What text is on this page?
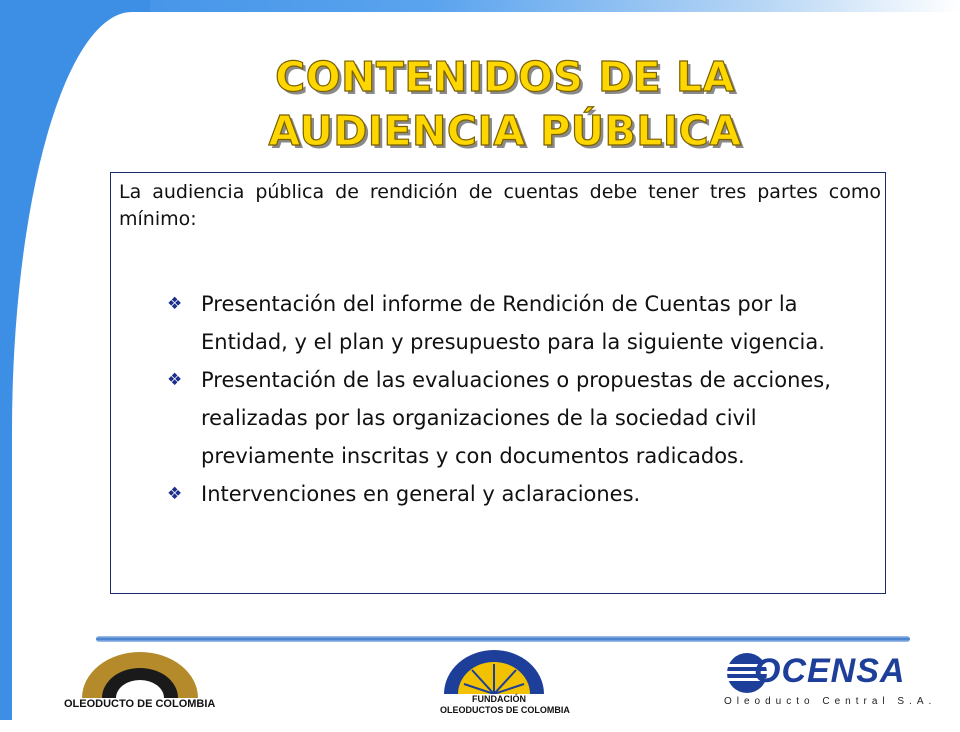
CONTENIDOS DE LA
AUDIENCIA PÚBLICA

La audiencia pública de rendición de cuentas debe tener tres partes como mínimo:

❖ Presentación del informe de Rendición de Cuentas por la Entidad, y el plan y presupuesto para la siguiente vigencia.
❖ Presentación de las evaluaciones o propuestas de acciones, realizadas por las organizaciones de la sociedad civil previamente inscritas y con documentos radicados.
❖ Intervenciones en general y aclaraciones.
OLEODUCTO DE COLOMBIA	FUNDACIÓN
OLEODUCTOS DE COLOMBIA
OCENSA
Oleoducto Central S.A.
